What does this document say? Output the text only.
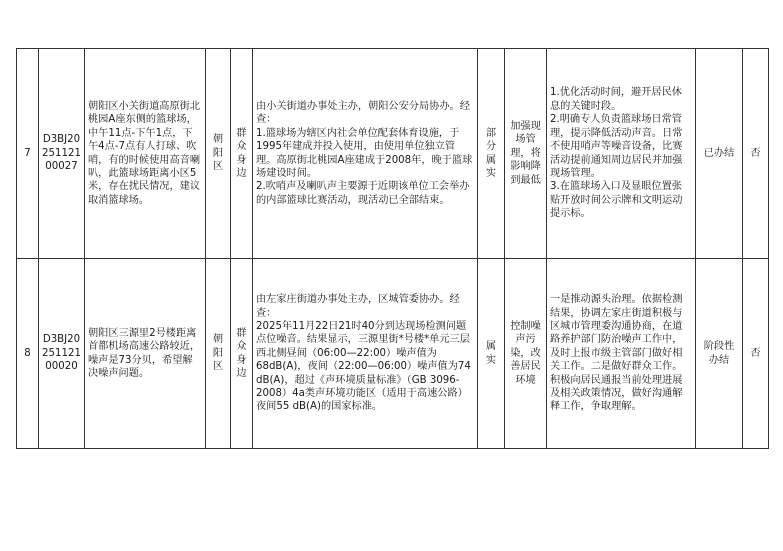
7	D3BJ2025112100027	朝阳区小关街道高原街北桃园A座东侧的篮球场，中午11点-下午1点，下午4点-7点有人打球、吹哨，有的时候使用高音喇叭，此篮球场距离小区5米，存在扰民情况，建议取消篮球场。	朝阳区	群众身边	由小关街道办事处主办，朝阳公安分局协办。经查：
1.篮球场为辖区内社会单位配套体育设施，于1995年建成并投入使用，由使用单位独立管理。高原街北桃园A座建成于2008年，晚于篮球场建设时间。
2.吹哨声及喇叭声主要源于近期该单位工会举办的内部篮球比赛活动，现活动已全部结束。	部分属实	加强现场管理，将影响降到最低	1.优化活动时间，避开居民休息的关键时段。
2.明确专人负责篮球场日常管理，提示降低活动声音。日常不使用哨声等噪音设备，比赛活动提前通知周边居民并加强现场管理。
3.在篮球场入口及显眼位置张贴开放时间公示牌和文明运动提示标。	已办结	否
8	D3BJ2025112100020	朝阳区三源里2号楼距离首都机场高速公路较近，噪声是73分贝，希望解决噪声问题。	朝阳区	群众身边	由左家庄街道办事处主办，区城管委协办。经查：
2025年11月22日21时40分到达现场检测问题点位噪音。结果显示，三源里街*号楼*单元三层西北侧昼间（06:00—22:00）噪声值为68dB(A)，夜间（22:00—06:00）噪声值为74 dB(A)，超过《声环境质量标准》（GB 3096-2008）4a类声环境功能区（适用于高速公路）夜间55 dB(A)的国家标准。	属实	控制噪声污染，改善居民环境	一是推动源头治理。依据检测结果，协调左家庄街道积极与区城市管理委沟通协商，在道路养护部门防治噪声工作中，及时上报市级主管部门做好相关工作。二是做好群众工作。积极向居民通报当前处理进展及相关政策情况，做好沟通解释工作，争取理解。	阶段性办结	否
